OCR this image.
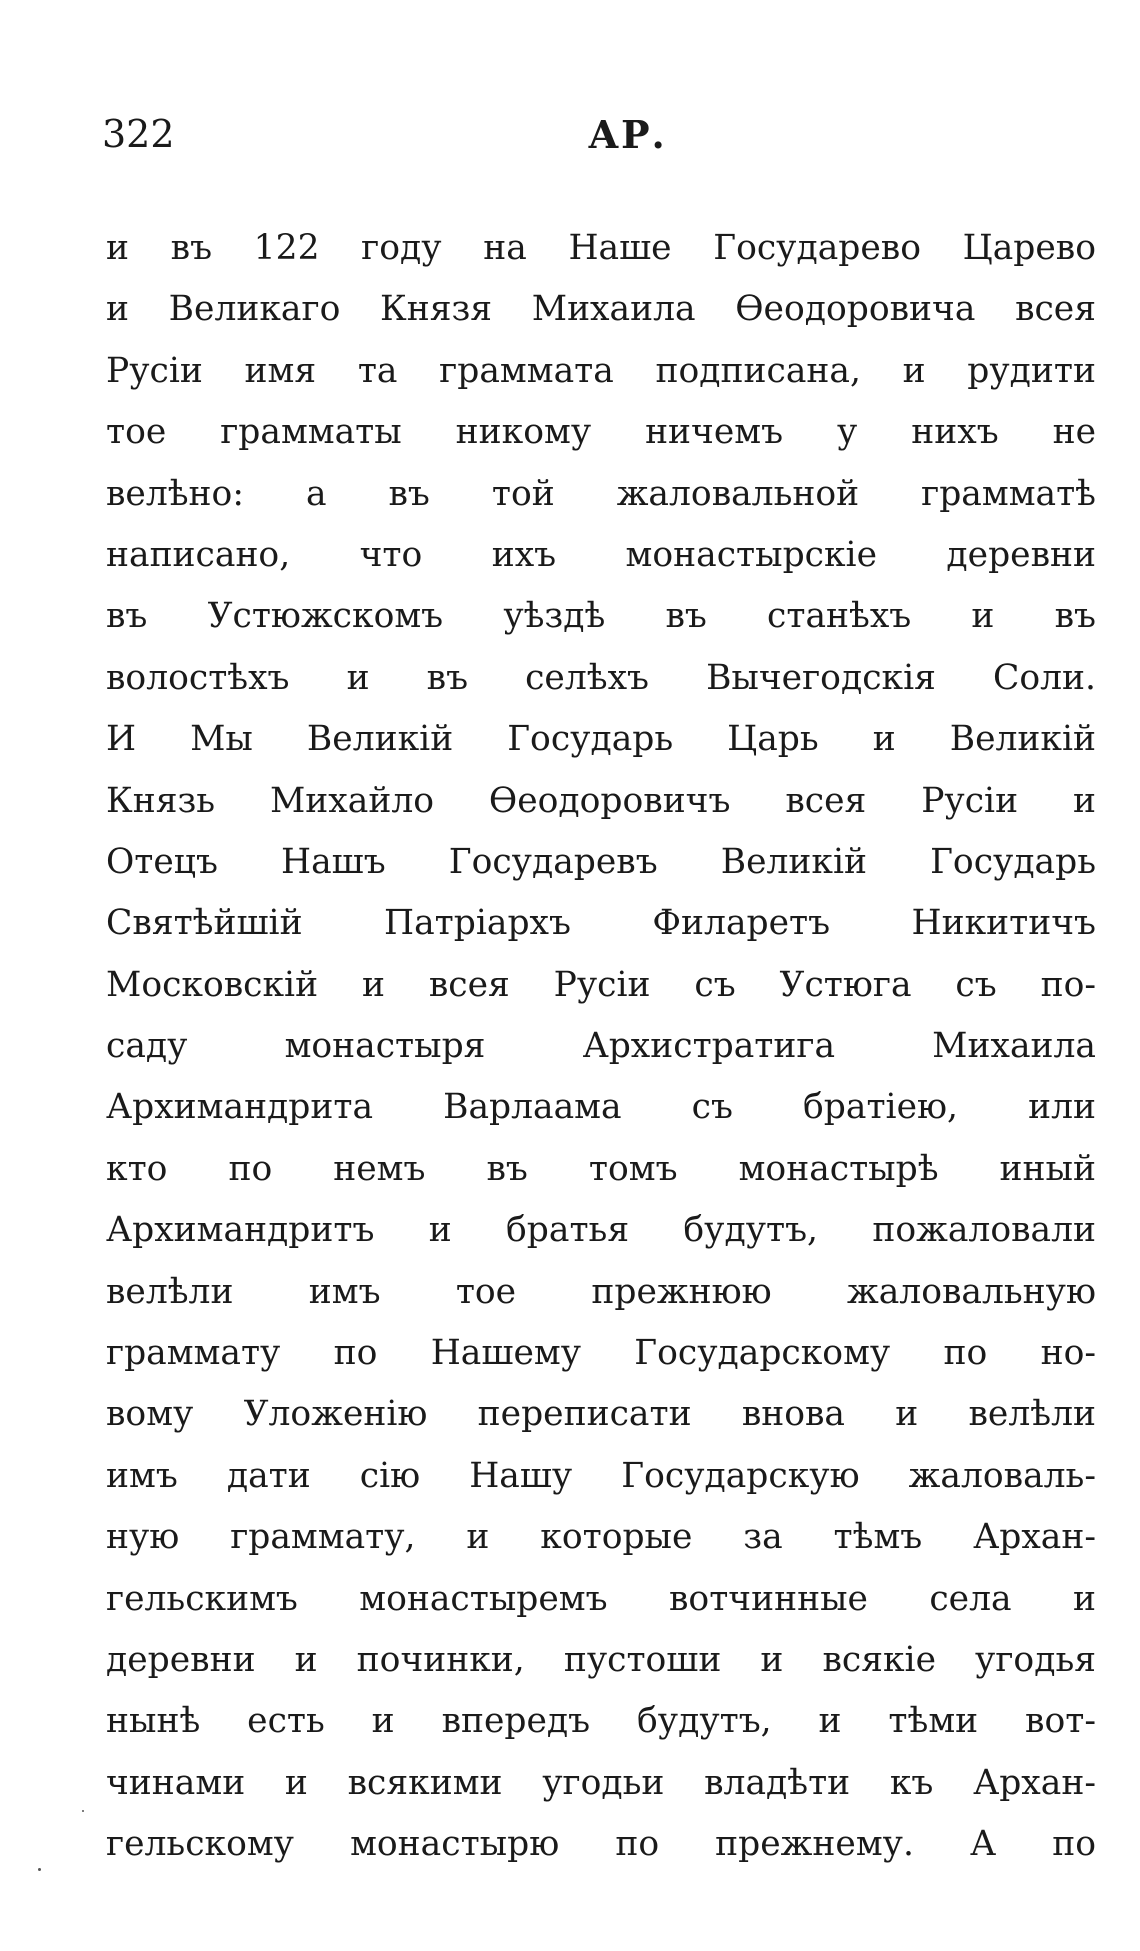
322	АР.
и въ 122 году на Наше Государево Царево
и Великаго Князя Михаила Ѳеодоровича всея
Русіи имя та граммата подписана, и рудити
тое грамматы никому ничемъ у нихъ не
велѣно: а въ той жаловальной грамматѣ
написано, что ихъ монастырскіе деревни
въ Устюжскомъ уѣздѣ въ станѣхъ и въ
волостѣхъ и въ селѣхъ Вычегодскія Соли.
И Мы Великій Государь Царь и Великій
Князь Михайло Ѳеодоровичъ всея Русіи и
Отецъ Нашъ Государевъ Великій Государь
Святѣйшій Патріархъ Филаретъ Никитичъ
Московскій и всея Русіи съ Устюга съ по-
саду монастыря Архистратига Михаила
Архимандрита Варлаама съ братіею, или
кто по немъ въ томъ монастырѣ иный
Архимандритъ и братья будутъ, пожаловали
велѣли имъ тое прежнюю жаловальную
граммату по Нашему Государскому по но-
вому Уложенію переписати внова и велѣли
имъ дати сію Нашу Государскую жаловаль-
ную граммату, и которые за тѣмъ Архан-
гельскимъ монастыремъ вотчинные села и
деревни и починки, пустоши и всякіе угодья
нынѣ есть и впередъ будутъ, и тѣми вот-
чинами и всякими угодьи владѣти къ Архан-
гельскому монастырю по прежнему. А по
